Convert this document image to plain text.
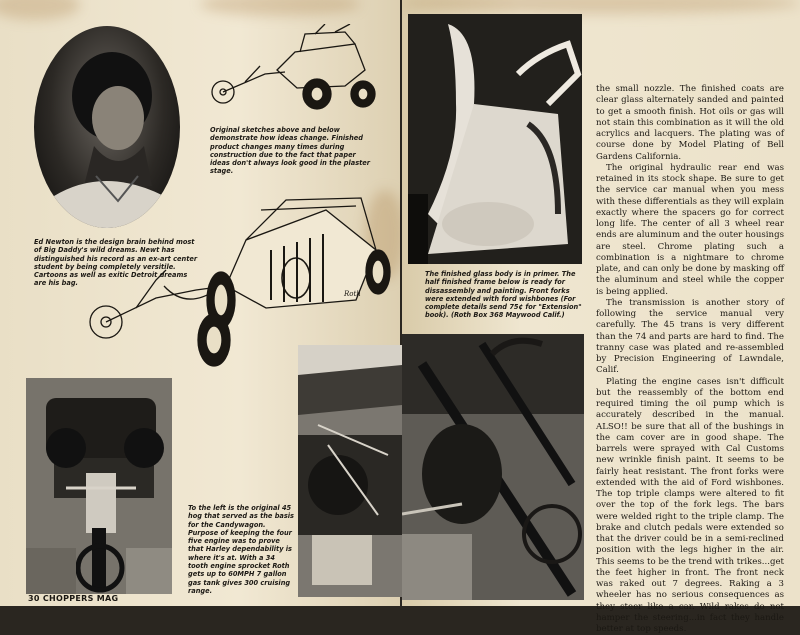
Original sketches above and below demonstrate how ideas change. Finished product changes many times during construction due to the fact that paper ideas don't always look good in the plaster stage.
Roth
Ed Newton is the design brain behind most of Big Daddy's wild dreams. Newt has distinguished his record as an ex-art center student by being completely versitile. Cartoons as well as exitic Detroit dreams are his bag.
To the left is the original 45 hog that served as the basis for the Candywagon. Purpose of keeping the four five engine was to prove that Harley dependability is where it's at. With a 34 tooth engine sprocket Roth gets up to 60MPH 7 gallon gas tank gives 300 cruising range.
30 CHOPPERS MAG
The finished glass body is in primer. The half finished frame below is ready for dissassembly and painting. Front forks were extended with ford wishbones (For complete details send 75¢ for "Extension" book). (Roth Box 368 Maywood Calif.)

the small nozzle. The finished coats are clear glass alternately sanded and painted to get a smooth finish. Hot oils or gas will not stain this combination as it will the old acrylics and lacquers. The plating was of course done by Model Plating of Bell Gardens California.

The original hydraulic rear end was retained in its stock shape. Be sure to get the service car manual when you mess with these differentials as they will explain exactly where the spacers go for correct long life. The center of all 3 wheel rear ends are aluminum and the outer housings are steel. Chrome plating such a combination is a nightmare to chrome plate, and can only be done by masking off the aluminum and steel while the copper is being applied.

The transmission is another story of following the service manual very carefully. The 45 trans is very different than the 74 and parts are hard to find. The tranny case was plated and re-assembled by Precision Engineering of Lawndale, Calif.

Plating the engine cases isn't difficult but the reassembly of the bottom end required timing the oil pump which is accurately described in the manual. ALSO!! be sure that all of the bushings in the cam cover are in good shape. The barrels were sprayed with Cal Customs new wrinkle finish paint. It seems to be fairly heat resistant. The front forks were extended with the aid of Ford wishbones. The top triple clamps were altered to fit over the top of the fork legs. The bars were welded right to the triple clamp. The brake and clutch pedals were extended so that the driver could be in a semi-reclined position with the legs higher in the air. This seems to be the trend with trikes...get the feet higher in front. The front neck was raked out 7 degrees. Raking a 3 wheeler has no serious consequences as they steer like a car. Wild rakes do not hamper the steering...in fact they handle better at top speeds.
